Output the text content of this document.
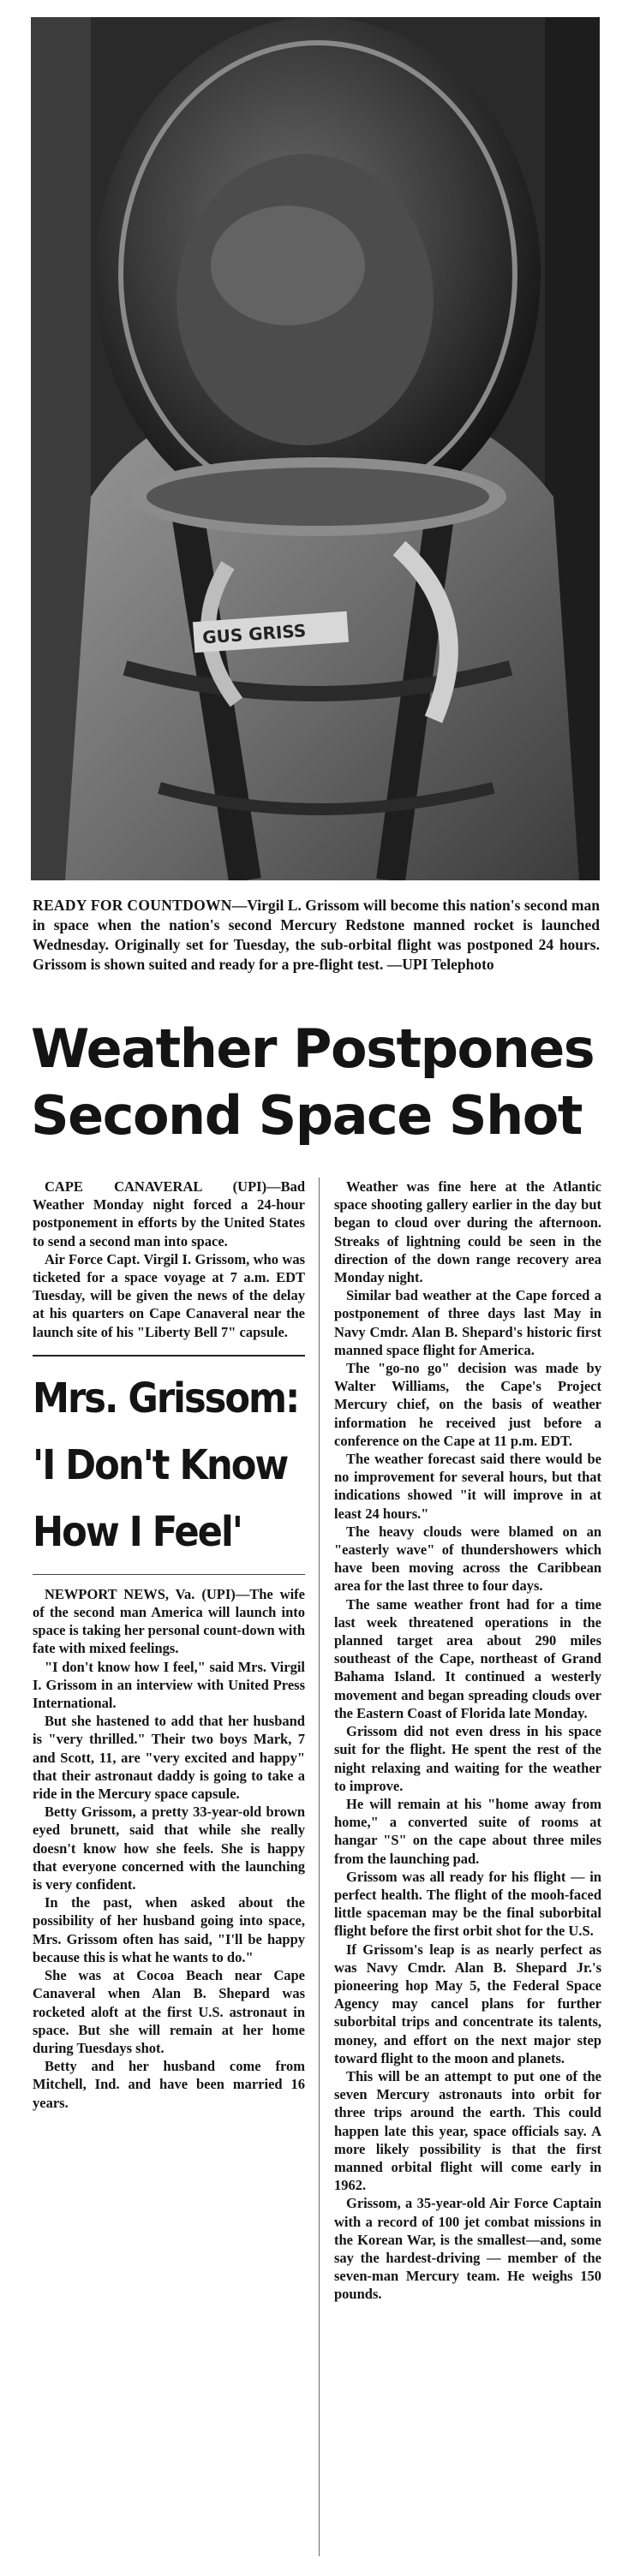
GUS GRISS
READY FOR COUNTDOWN—Virgil L. Grissom will become this nation's second man in space when the nation's second Mercury Redstone manned rocket is launched Wednesday. Originally set for Tuesday, the sub-orbital flight was postponed 24 hours. Grissom is shown suited and ready for a pre-flight test. —UPI Telephoto
Weather Postpones
Second Space Shot

CAPE CANAVERAL (UPI)—Bad Weather Monday night forced a 24-hour postponement in efforts by the United States to send a second man into space.

Air Force Capt. Virgil I. Grissom, who was ticketed for a space voyage at 7 a.m. EDT Tuesday, will be given the news of the delay at his quarters on Cape Canaveral near the launch site of his "Liberty Bell 7" capsule.

Mrs. Grissom:
'I Don't Know
How I Feel'

NEWPORT NEWS, Va. (UPI)—The wife of the second man America will launch into space is taking her personal count-down with fate with mixed feelings.

"I don't know how I feel," said Mrs. Virgil I. Grissom in an interview with United Press International.

But she hastened to add that her husband is "very thrilled." Their two boys Mark, 7 and Scott, 11, are "very excited and happy" that their astronaut daddy is going to take a ride in the Mercury space capsule.

Betty Grissom, a pretty 33-year-old brown eyed brunett, said that while she really doesn't know how she feels. She is happy that everyone concerned with the launching is very confident.

In the past, when asked about the possibility of her husband going into space, Mrs. Grissom often has said, "I'll be happy because this is what he wants to do."

She was at Cocoa Beach near Cape Canaveral when Alan B. Shepard was rocketed aloft at the first U.S. astronaut in space. But she will remain at her home during Tuesdays shot.

Betty and her husband come from Mitchell, Ind. and have been married 16 years.

Weather was fine here at the Atlantic space shooting gallery earlier in the day but began to cloud over during the afternoon. Streaks of lightning could be seen in the direction of the down range recovery area Monday night.

Similar bad weather at the Cape forced a postponement of three days last May in Navy Cmdr. Alan B. Shepard's historic first manned space flight for America.

The "go-no go" decision was made by Walter Williams, the Cape's Project Mercury chief, on the basis of weather information he received just before a conference on the Cape at 11 p.m. EDT.

The weather forecast said there would be no improvement for several hours, but that indications showed "it will improve in at least 24 hours."

The heavy clouds were blamed on an "easterly wave" of thundershowers which have been moving across the Caribbean area for the last three to four days.

The same weather front had for a time last week threatened operations in the planned target area about 290 miles southeast of the Cape, northeast of Grand Bahama Island. It continued a westerly movement and began spreading clouds over the Eastern Coast of Florida late Monday.

Grissom did not even dress in his space suit for the flight. He spent the rest of the night relaxing and waiting for the weather to improve.

He will remain at his "home away from home," a converted suite of rooms at hangar "S" on the cape about three miles from the launching pad.

Grissom was all ready for his flight — in perfect health. The flight of the mooh-faced little spaceman may be the final suborbital flight before the first orbit shot for the U.S.

If Grissom's leap is as nearly perfect as was Navy Cmdr. Alan B. Shepard Jr.'s pioneering hop May 5, the Federal Space Agency may cancel plans for further suborbital trips and concentrate its talents, money, and effort on the next major step toward flight to the moon and planets.

This will be an attempt to put one of the seven Mercury astronauts into orbit for three trips around the earth. This could happen late this year, space officials say. A more likely possibility is that the first manned orbital flight will come early in 1962.

Grissom, a 35-year-old Air Force Captain with a record of 100 jet combat missions in the Korean War, is the smallest—and, some say the hardest-driving — member of the seven-man Mercury team. He weighs 150 pounds.
